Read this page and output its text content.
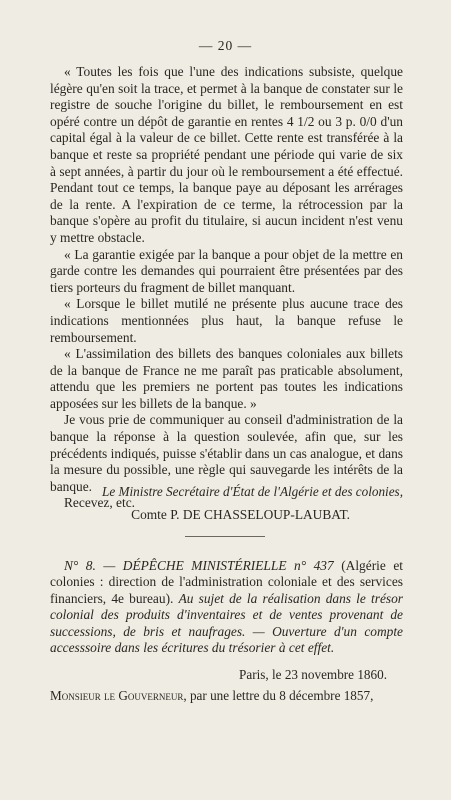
— 20 —

« Toutes les fois que l'une des indications subsiste, quelque légère qu'en soit la trace, et permet à la banque de constater sur le registre de souche l'origine du billet, le remboursement en est opéré contre un dépôt de garantie en rentes 4 1/2 ou 3 p. 0/0 d'un capital égal à la valeur de ce billet. Cette rente est transférée à la banque et reste sa propriété pendant une période qui varie de six à sept années, à partir du jour où le remboursement a été effectué. Pendant tout ce temps, la banque paye au déposant les arrérages de la rente. A l'expiration de ce terme, la rétrocession par la banque s'opère au profit du titulaire, si aucun incident n'est venu y mettre obstacle.

« La garantie exigée par la banque a pour objet de la mettre en garde contre les demandes qui pourraient être présentées par des tiers porteurs du fragment de billet manquant.

« Lorsque le billet mutilé ne présente plus aucune trace des indications mentionnées plus haut, la banque refuse le remboursement.

« L'assimilation des billets des banques coloniales aux billets de la banque de France ne me paraît pas praticable absolument, attendu que les premiers ne portent pas toutes les indications apposées sur les billets de la banque. »

Je vous prie de communiquer au conseil d'administration de la banque la réponse à la question soulevée, afin que, sur les précédents indiqués, puisse s'établir dans un cas analogue, et dans la mesure du possible, une règle qui sauvegarde les intérêts de la banque.

Recevez, etc.

Le Ministre Secrétaire d'État de l'Algérie et des colonies,
Comte P. DE CHASSELOUP-LAUBAT.

N° 8. — DÉPÊCHE MINISTÉRIELLE n° 437 (Algérie et colonies : direction de l'administration coloniale et des services financiers, 4e bureau). Au sujet de la réalisation dans le trésor colonial des produits d'inventaires et de ventes provenant de successions, de bris et naufrages. — Ouverture d'un compte accesssoire dans les écritures du trésorier à cet effet.

Paris, le 23 novembre 1860.
Monsieur le Gouverneur, par une lettre du 8 décembre 1857,
